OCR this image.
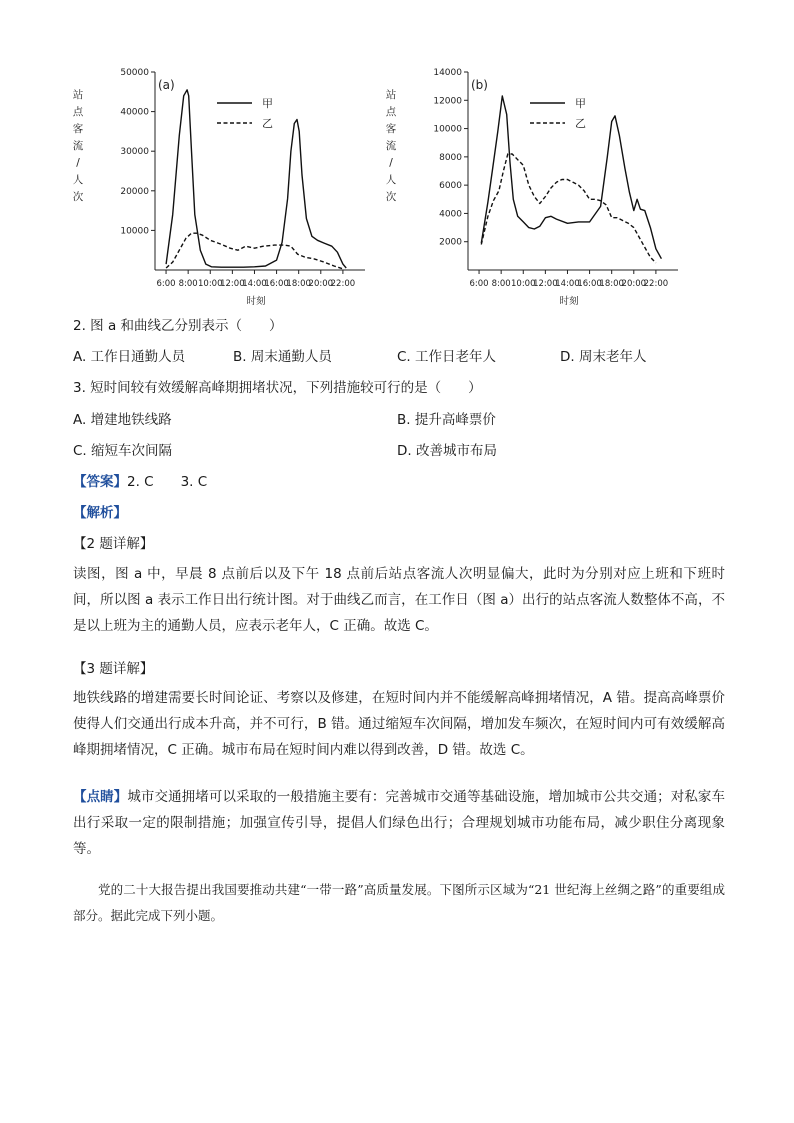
10000
20000
30000
40000
50000
6:00 8:00 10:00
12:00
14:00
16:00
18:00
20:00
22:00
时刻
站点客流/人次
(a)
甲
乙
2000
4000
6000
8000
10000
12000
14000
6:00 8:00 10:00
12:00
14:00
16:00
18:00
20:00
22:00
时刻
站点客流/人次
(b)
甲
乙
2. 图 a 和曲线乙分别表示（　　）
A. 工作日通勤人员	B. 周末通勤人员	C. 工作日老年人	D. 周末老年人
3. 短时间较有效缓解高峰期拥堵状况，下列措施较可行的是（　　）
A. 增建地铁线路	B. 提升高峰票价
C. 缩短车次间隔	D. 改善城市布局
【答案】2. C　　3. C
【解析】
【2 题详解】
读图，图 a 中，早晨 8 点前后以及下午 18 点前后站点客流人次明显偏大，此时为分别对应上班和下班时间，所以图 a 表示工作日出行统计图。对于曲线乙而言，在工作日（图 a）出行的站点客流人数整体不高，不是以上班为主的通勤人员，应表示老年人，C 正确。故选 C。
【3 题详解】
地铁线路的增建需要长时间论证、考察以及修建，在短时间内并不能缓解高峰拥堵情况，A 错。提高高峰票价使得人们交通出行成本升高，并不可行，B 错。通过缩短车次间隔，增加发车频次，在短时间内可有效缓解高峰期拥堵情况，C 正确。城市布局在短时间内难以得到改善，D 错。故选 C。
【点睛】城市交通拥堵可以采取的一般措施主要有：完善城市交通等基础设施，增加城市公共交通；对私家车出行采取一定的限制措施；加强宣传引导，提倡人们绿色出行；合理规划城市功能布局，减少职住分离现象等。
党的二十大报告提出我国要推动共建“一带一路”高质量发展。下图所示区域为“21 世纪海上丝绸之路”的重要组成部分。据此完成下列小题。
